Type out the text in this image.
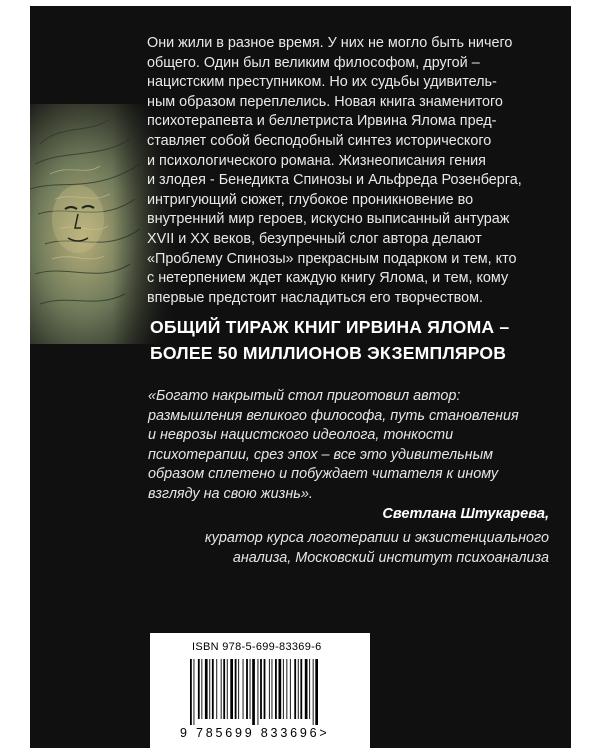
Они жили в разное время. У них не могло быть ничего
общего. Один был великим философом, другой –
нацистским преступником. Но их судьбы удивитель-
ным образом переплелись. Новая книга знаменитого
психотерапевта и беллетриста Ирвина Ялома пред-
ставляет собой бесподобный синтез исторического
и психологического романа. Жизнеописания гения
и злодея - Бенедикта Спинозы и Альфреда Розенберга,
интригующий сюжет, глубокое проникновение во
внутренний мир героев, искусно выписанный антураж
XVII и XX веков, безупречный слог автора делают
«Проблему Спинозы» прекрасным подарком и тем, кто
с нетерпением ждет каждую книгу Ялома, и тем, кому
впервые предстоит насладиться его творчеством.
ОБЩИЙ ТИРАЖ КНИГ ИРВИНА ЯЛОМА –
БОЛЕЕ 50 МИЛЛИОНОВ ЭКЗЕМПЛЯРОВ
«Богато накрытый стол приготовил автор:
размышления великого философа, путь становления
и неврозы нацистского идеолога, тонкости
психотерапии, срез эпох – все это удивительным
образом сплетено и побуждает читателя к иному
взгляду на свою жизнь».
Светлана Штукарева,
куратор курса логотерапии и экзистенциального
анализа, Московский институт психоанализа
ISBN 978-5-699-83369-6
9 785699 833696>
